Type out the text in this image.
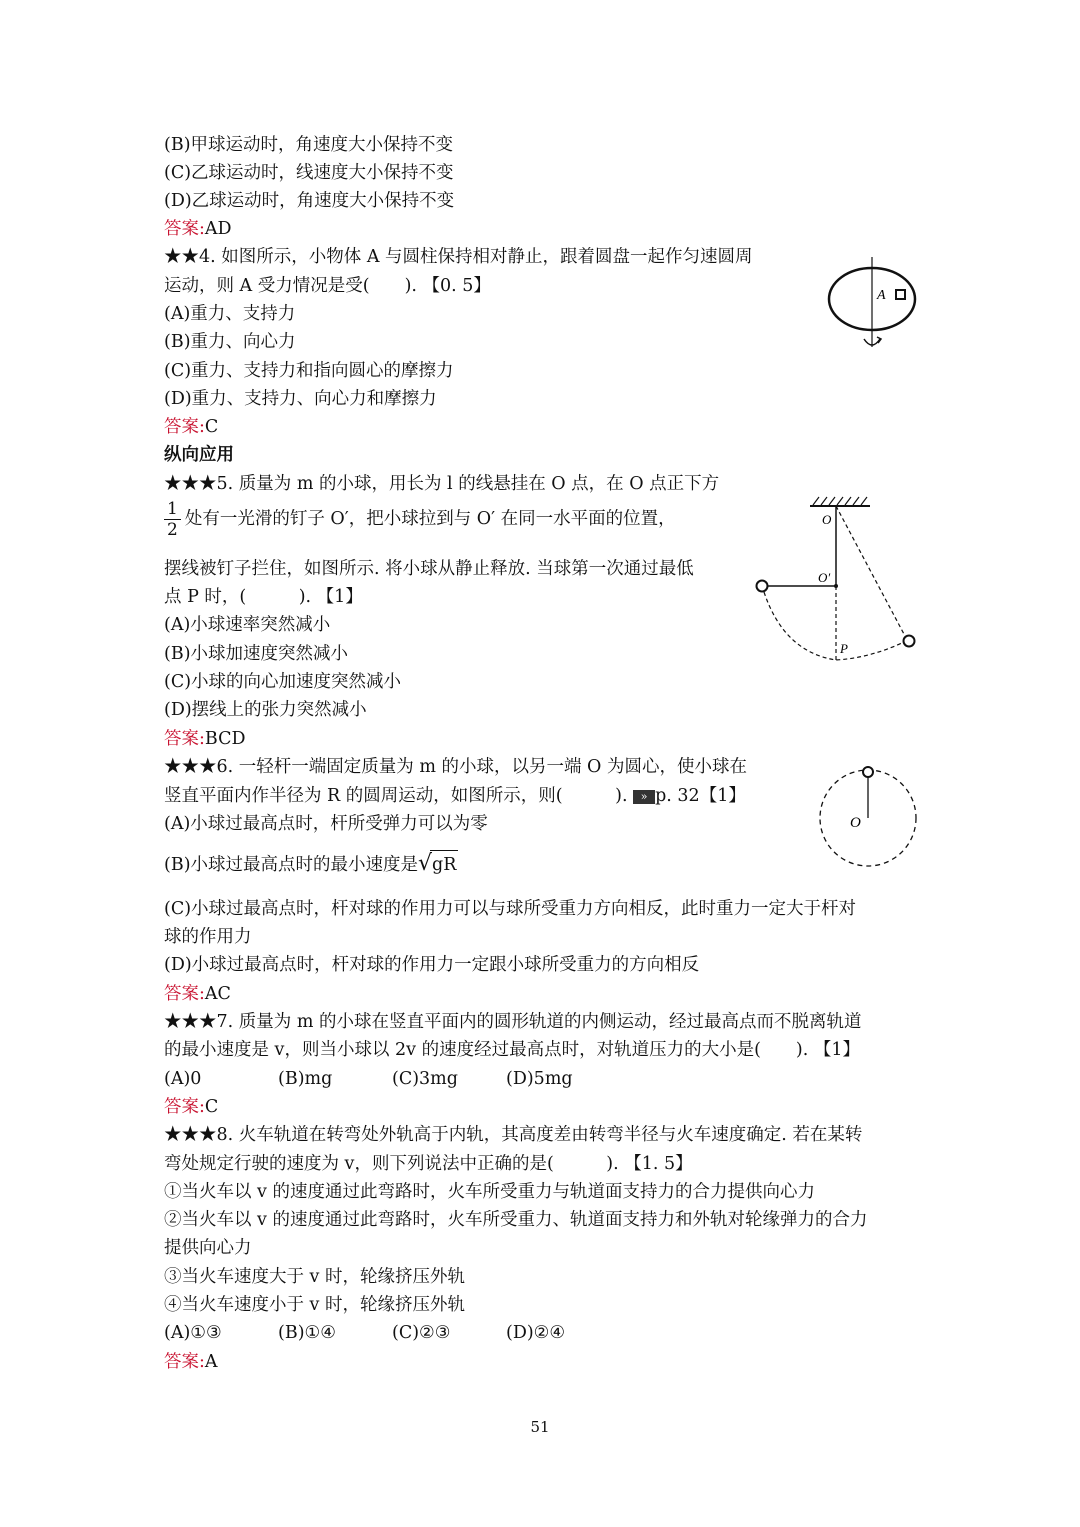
(B)甲球运动时，角速度大小保持不变
(C)乙球运动时，线速度大小保持不变
(D)乙球运动时，角速度大小保持不变
答案:AD
★★4. 如图所示，小物体 A 与圆柱保持相对静止，跟着圆盘一起作匀速圆周
运动，则 A 受力情况是受(　　). 【0. 5】
(A)重力、支持力
(B)重力、向心力
(C)重力、支持力和指向圆心的摩擦力
(D)重力、支持力、向心力和摩擦力
答案:C
A
纵向应用
★★★5. 质量为 m 的小球，用长为 l 的线悬挂在 O 点，在 O 点正下方
$\frac{1}{2}$ 处有一光滑的钉子 O′，把小球拉到与 O′ 在同一水平面的位置，
摆线被钉子拦住，如图所示. 将小球从静止释放. 当球第一次通过最低
点 P 时，(　　　). 【1】
(A)小球速率突然减小
(B)小球加速度突然减小
(C)小球的向心加速度突然减小
(D)摆线上的张力突然减小
答案:BCD
O
O′
P
★★★6. 一轻杆一端固定质量为 m 的小球，以另一端 O 为圆心，使小球在
竖直平面内作半径为 R 的圆周运动，如图所示，则(　　　). » p. 32【1】
(A)小球过最高点时，杆所受弹力可以为零
(B)小球过最高点时的最小速度是√gR
(C)小球过最高点时，杆对球的作用力可以与球所受重力方向相反，此时重力一定大于杆对
球的作用力
(D)小球过最高点时，杆对球的作用力一定跟小球所受重力的方向相反
答案:AC
O
★★★7. 质量为 m 的小球在竖直平面内的圆形轨道的内侧运动，经过最高点而不脱离轨道
的最小速度是 v，则当小球以 2v 的速度经过最高点时，对轨道压力的大小是(　　). 【1】
(A)0	(B)mg	(C)3mg	(D)5mg
答案:C
★★★8. 火车轨道在转弯处外轨高于内轨，其高度差由转弯半径与火车速度确定. 若在某转
弯处规定行驶的速度为 v，则下列说法中正确的是(　　　). 【1. 5】
①当火车以 v 的速度通过此弯路时，火车所受重力与轨道面支持力的合力提供向心力
②当火车以 v 的速度通过此弯路时，火车所受重力、轨道面支持力和外轨对轮缘弹力的合力
提供向心力
③当火车速度大于 v 时，轮缘挤压外轨
④当火车速度小于 v 时，轮缘挤压外轨
(A)①③	(B)①④	(C)②③	(D)②④
答案:A
51
